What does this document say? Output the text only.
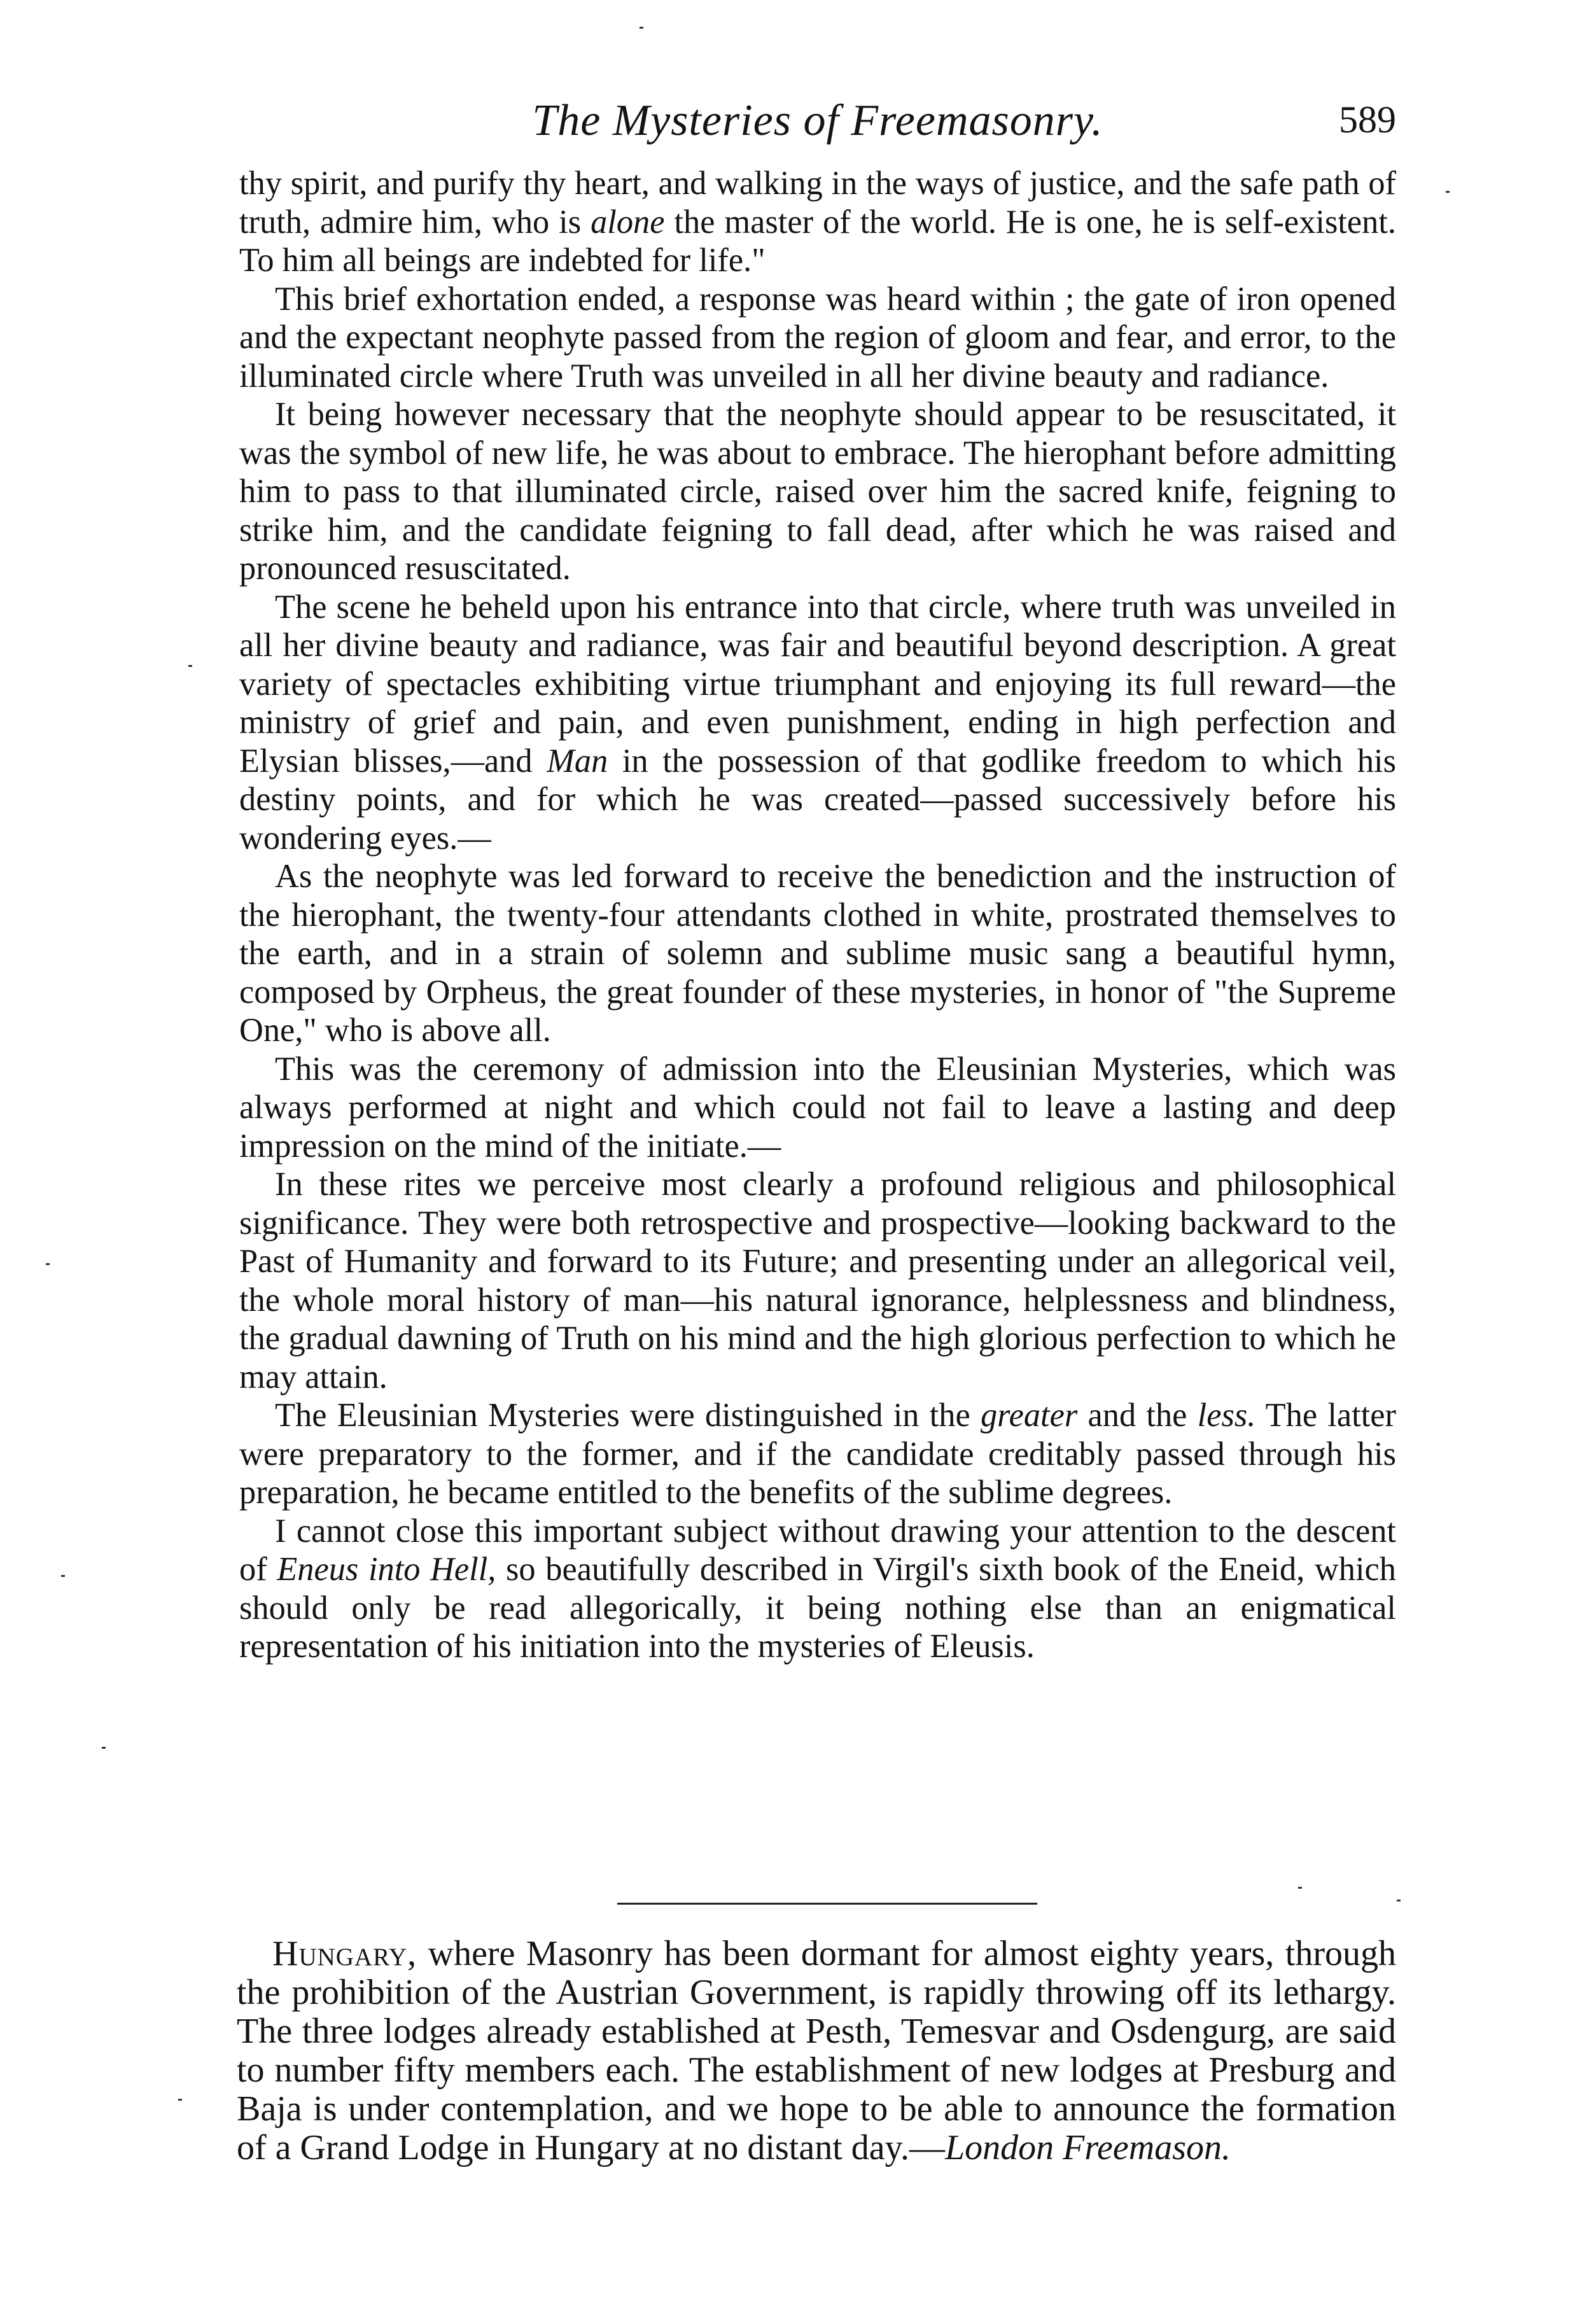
The Mysteries of Freemasonry.	589

thy spirit, and purify thy heart, and walking in the ways of justice, and the safe path of truth, admire him, who is alone the master of the world. He is one, he is self-existent. To him all beings are indebted for life."

This brief exhortation ended, a response was heard within ; the gate of iron opened and the expectant neophyte passed from the region of gloom and fear, and error, to the illuminated circle where Truth was unveiled in all her divine beauty and radiance.

It being however necessary that the neophyte should appear to be resuscitated, it was the symbol of new life, he was about to embrace. The hierophant before admitting him to pass to that illuminated circle, raised over him the sacred knife, feigning to strike him, and the candidate feigning to fall dead, after which he was raised and pronounced resuscitated.

The scene he beheld upon his entrance into that circle, where truth was unveiled in all her divine beauty and radiance, was fair and beautiful beyond description. A great variety of spectacles exhibiting virtue triumphant and enjoying its full reward—the ministry of grief and pain, and even punishment, ending in high perfection and Elysian blisses,—and Man in the possession of that godlike freedom to which his destiny points, and for which he was created—passed successively before his wondering eyes.—

As the neophyte was led forward to receive the benediction and the instruction of the hierophant, the twenty-four attendants clothed in white, prostrated themselves to the earth, and in a strain of solemn and sublime music sang a beautiful hymn, composed by Orpheus, the great founder of these mysteries, in honor of "the Supreme One," who is above all.

This was the ceremony of admission into the Eleusinian Mysteries, which was always performed at night and which could not fail to leave a lasting and deep impression on the mind of the initiate.—

In these rites we perceive most clearly a profound religious and philosophical significance. They were both retrospective and prospective—looking backward to the Past of Humanity and forward to its Future; and presenting under an allegorical veil, the whole moral history of man—his natural ignorance, helplessness and blindness, the gradual dawning of Truth on his mind and the high glorious perfection to which he may attain.

The Eleusinian Mysteries were distinguished in the greater and the less. The latter were preparatory to the former, and if the candidate creditably passed through his preparation, he became entitled to the benefits of the sublime degrees.

I cannot close this important subject without drawing your attention to the descent of Eneus into Hell, so beautifully described in Virgil's sixth book of the Eneid, which should only be read allegorically, it being nothing else than an enigmatical representation of his initiation into the mysteries of Eleusis.

Hungary, where Masonry has been dormant for almost eighty years, through the prohibition of the Austrian Government, is rapidly throwing off its lethargy. The three lodges already established at Pesth, Temesvar and Osdengurg, are said to number fifty members each. The establishment of new lodges at Presburg and Baja is under contemplation, and we hope to be able to announce the formation of a Grand Lodge in Hungary at no distant day.—London Freemason.
